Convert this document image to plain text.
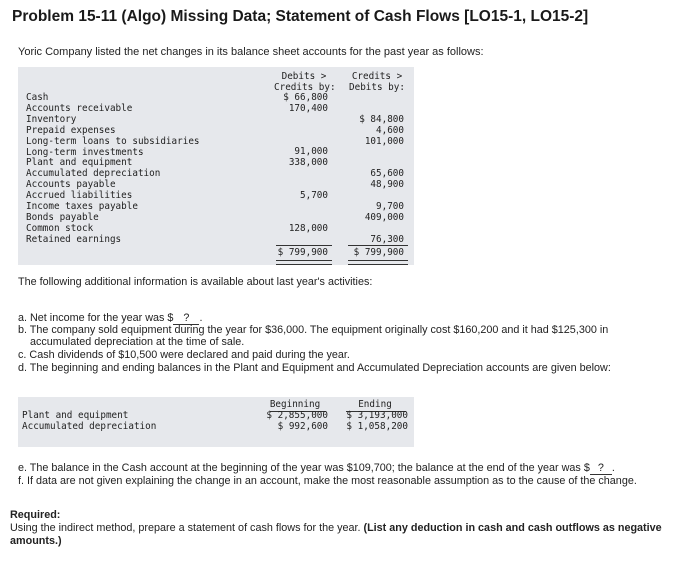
Problem 15-11 (Algo) Missing Data; Statement of Cash Flows [LO15-1, LO15-2]
Yoric Company listed the net changes in its balance sheet accounts for the past year as follows:
Debits >
Credits by:
Credits >
Debits by:
Cash
Accounts receivable
Inventory
Prepaid expenses
Long-term loans to subsidiaries
Long-term investments
Plant and equipment
Accumulated depreciation
Accounts payable
Accrued liabilities
Income taxes payable
Bonds payable
Common stock
Retained earnings
$ 66,800
170,400
91,000
338,000
5,700
128,000
$ 84,800
4,600
101,000
65,600
48,900
9,700
409,000
76,300
$ 799,900	$ 799,900
The following additional information is available about last year's activities:
a. Net income for the year was $ ? .
b. The company sold equipment during the year for $36,000. The equipment originally cost $160,200 and it had $125,300 in
accumulated depreciation at the time of sale.
c. Cash dividends of $10,500 were declared and paid during the year.
d. The beginning and ending balances in the Plant and Equipment and Accumulated Depreciation accounts are given below:
Beginning	Ending
Plant and equipment
Accumulated depreciation
$ 2,855,000
$ 992,600
$ 3,193,000
$ 1,058,200
e. The balance in the Cash account at the beginning of the year was $109,700; the balance at the end of the year was $ ? .
f. If data are not given explaining the change in an account, make the most reasonable assumption as to the cause of the change.
Required:
Using the indirect method, prepare a statement of cash flows for the year. (List any deduction in cash and cash outflows as negative
amounts.)
